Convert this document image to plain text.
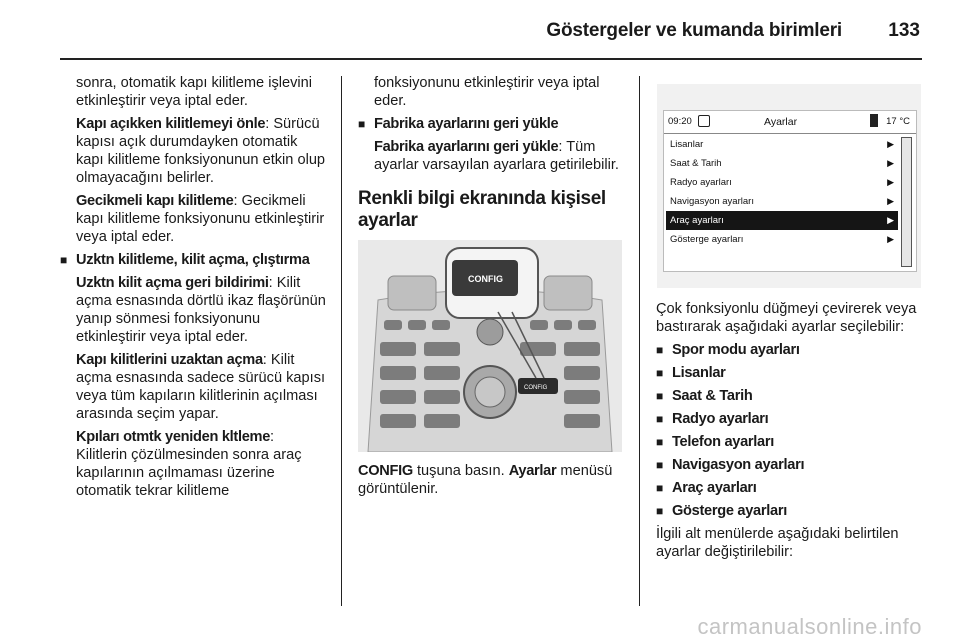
Göstergeler ve kumanda birimleri 133

sonra, otomatik kapı kilitleme işlevini etkinleştirir veya iptal eder.

Kapı açıkken kilitlemeyi önle: Sürücü kapısı açık durumdayken otomatik kapı kilitleme fonksiyonunun etkin olup olmayacağını belirler.

Gecikmeli kapı kilitleme: Gecikmeli kapı kilitleme fonksiyonunu etkinleştirir veya iptal eder.

■ Uzktn kilitleme, kilit açma, çlıştırma

Uzktn kilit açma geri bildirimi: Kilit açma esnasında dörtlü ikaz flaşörünün yanıp sönmesi fonksiyonunu etkinleştirir veya iptal eder.

Kapı kilitlerini uzaktan açma: Kilit açma esnasında sadece sürücü kapısı veya tüm kapıların kilitlerinin açılması arasında seçim yapar.

Kpıları otmtk yeniden kltleme: Kilitlerin çözülmesinden sonra araç kapılarının açılmaması üzerine otomatik tekrar kilitleme

fonksiyonunu etkinleştirir veya iptal eder.

■ Fabrika ayarlarını geri yükle

Fabrika ayarlarını geri yükle: Tüm ayarlar varsayılan ayarlara getirilebilir.

Renkli bilgi ekranında kişisel ayarlar
CONFIG
CONFIG

CONFIG tuşuna basın. Ayarlar menüsü görüntülenir.

09:20	Ayarlar	17 °C
Lisanlar	▶
Saat & Tarih	▶
Radyo ayarları	▶
Navigasyon ayarları	▶
Araç ayarları	▶
Gösterge ayarları	▶

Çok fonksiyonlu düğmeyi çevirerek veya bastırarak aşağıdaki ayarlar seçilebilir:

■ Spor modu ayarları
■ Lisanlar
■ Saat & Tarih
■ Radyo ayarları
■ Telefon ayarları
■ Navigasyon ayarları
■ Araç ayarları
■ Gösterge ayarları

İlgili alt menülerde aşağıdaki belirtilen ayarlar değiştirilebilir:

carmanualsonline.info
